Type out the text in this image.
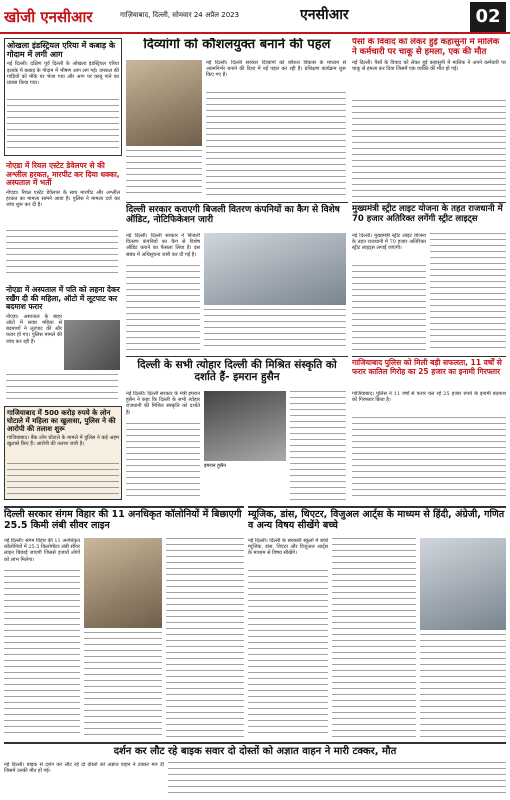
खोजी एनसीआर	गाज़ियाबाद, दिल्ली, सोमवार 24 अप्रैल 2023	एनसीआर	02
ओखला इंडस्ट्रियल एरिया में कबाड़ के गोदाम में लगी आग
नई दिल्ली। दक्षिण पूर्व दिल्ली के ओखला इंडस्ट्रियल एरिया इलाके में कबाड़ के गोदाम में भीषण आग लग गई। दमकल की गाड़ियों को मौके पर भेजा गया और आग पर काबू पाने का प्रयास किया गया।
नोएडा में रियल एस्टेट डेवेलपर से की अश्लील हरकत, मारपीट कर दिया धक्का, अस्पताल में भर्ती
नोएडा। रियल एस्टेट डेवेलपर के साथ मारपीट और अश्लील हरकत का मामला सामने आया है। पुलिस ने मामला दर्ज कर जांच शुरू कर दी है।
नोएडा में अस्पताल में पति को लहना देकर रखैंग दी की महिला, ऑटो में लूटपाट कर बदमाश फरार
नोएडा। अस्पताल के बाहर ऑटो में सवार महिला से बदमाशों ने लूटपाट की और फरार हो गए। पुलिस मामले की जांच कर रही है।
गाजियाबाद में 500 करोड़ रुपये के लोन घोटाले में महिला का खुलासा, पुलिस ने की आरोपी की तलाश शुरू
गाजियाबाद। बैंक लोन घोटाले के मामले में पुलिस ने कई अहम खुलासे किए हैं। आरोपी की तलाश जारी है।
दिव्यांगों को कौशलयुक्त बनाने की पहल
नई दिल्ली। दिल्ली सरकार दिव्यांगों को कौशल विकास के माध्यम से आत्मनिर्भर बनाने की दिशा में नई पहल कर रही है। प्रशिक्षण कार्यक्रम शुरू किए गए हैं।
दिल्ली सरकार कराएगी बिजली वितरण कंपनियों का कैग से विशेष ऑडिट, नोटिफिकेशन जारी
नई दिल्ली। दिल्ली सरकार ने बिजली वितरण कंपनियों का कैग से विशेष ऑडिट कराने का फैसला लिया है। इस संबंध में अधिसूचना जारी कर दी गई है।
दिल्ली के सभी त्योहार दिल्ली की मिश्रित संस्कृति को दर्शाते हैं- इमरान हुसैन
नई दिल्ली। दिल्ली सरकार के मंत्री इमरान हुसैन ने कहा कि दिल्ली के सभी त्योहार राजधानी की मिश्रित संस्कृति को दर्शाते हैं।
इमरान हुसैन
पैसों के विवाद को लेकर हुई कहासुनी में मालिक ने कर्मचारी पर चाकू से हमला, एक की मौत
नई दिल्ली। पैसों के विवाद को लेकर हुई कहासुनी में मालिक ने अपने कर्मचारी पर चाकू से हमला कर दिया जिसमें एक व्यक्ति की मौत हो गई।
मुख्यमंत्री स्ट्रीट लाइट योजना के तहत राजधानी में 70 हजार अतिरिक्त लगेंगी स्ट्रीट लाइट्स
नई दिल्ली। मुख्यमंत्री स्ट्रीट लाइट योजना के तहत राजधानी में 70 हजार अतिरिक्त स्ट्रीट लाइट्स लगाई जाएंगी।
गाजियाबाद पुलिस को मिली बड़ी सफलता, 11 वर्षों से फरार कातिल गिरोह का 25 हजार का इनामी गिरफ्तार
गाजियाबाद। पुलिस ने 11 वर्षों से फरार चल रहे 25 हजार रुपये के इनामी बदमाश को गिरफ्तार किया है।
दिल्ली सरकार संगम विहार की 11 अनधिकृत कॉलोनियों में बिछाएगी 25.5 किमी लंबी सीवर लाइन
नई दिल्ली। संगम विहार की 11 अनधिकृत कॉलोनियों में 25.5 किलोमीटर लंबी सीवर लाइन बिछाई जाएगी जिससे हजारों लोगों को लाभ मिलेगा।
म्यूजिक, डांस, थिएटर, विजुअल आर्ट्स के माध्यम से हिंदी, अंग्रेजी, गणित व अन्य विषय सीखेंगे बच्चे
नई दिल्ली। दिल्ली के सरकारी स्कूलों में बच्चे म्यूजिक, डांस, थिएटर और विजुअल आर्ट्स के माध्यम से विषय सीखेंगे।
दर्शन कर लौट रहे बाइक सवार दो दोस्तों को अज्ञात वाहन ने मारी टक्कर, मौत
नई दिल्ली। बाइक से दर्शन कर लौट रहे दो दोस्तों को अज्ञात वाहन ने टक्कर मार दी जिसमें उनकी मौत हो गई।
